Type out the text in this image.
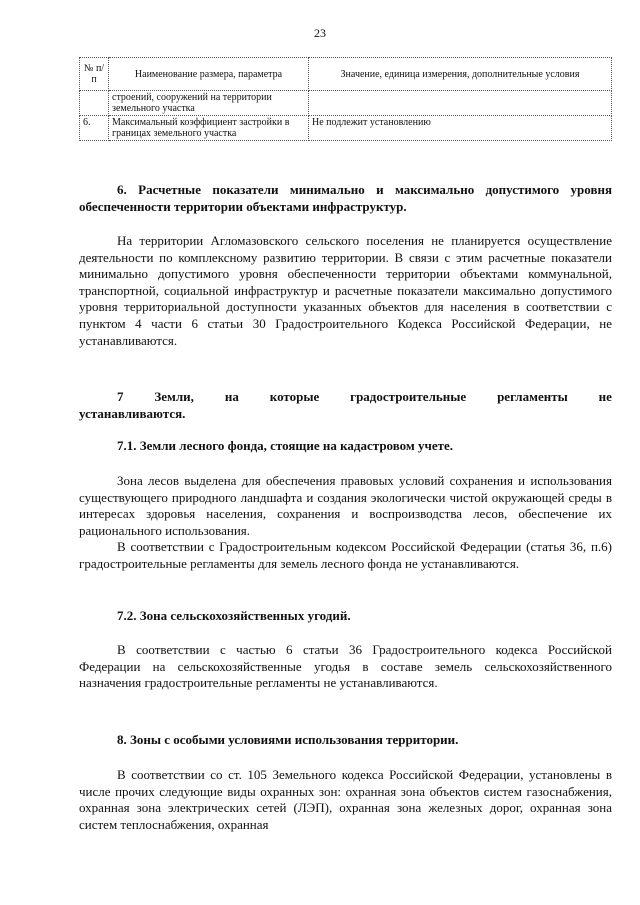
23
№ п/п	Наименование размера, параметра	Значение, единица измерения, дополнительные условия
	строений, сооружений на территории земельного участка	
6.	Максимальный коэффициент застройки в границах земельного участка	Не подлежит установлению

6. Расчетные показатели минимально и максимально допустимого уровня обеспеченности территории объектами инфраструктур.

На территории Агломазовского сельского поселения не планируется осуществление деятельности по комплексному развитию территории. В связи с этим расчетные показатели минимально допустимого уровня обеспеченности территории объектами коммунальной, транспортной, социальной инфраструктур и расчетные показатели максимально допустимого уровня территориальной доступности указанных объектов для населения в соответствии с пунктом 4 части 6 статьи 30 Градостроительного Кодекса Российской Федерации, не устанавливаются.

7 Земли, на которые градостроительные регламенты не
устанавливаются.

7.1. Земли лесного фонда, стоящие на кадастровом учете.

Зона лесов выделена для обеспечения правовых условий сохранения и использования существующего природного ландшафта и создания экологически чистой окружающей среды в интересах здоровья населения, сохранения и воспроизводства лесов, обеспечение их рационального использования.

В соответствии с Градостроительным кодексом Российской Федерации (статья 36, п.6) градостроительные регламенты для земель лесного фонда не устанавливаются.

7.2. Зона сельскохозяйственных угодий.

В соответствии с частью 6 статьи 36 Градостроительного кодекса Российской Федерации на сельскохозяйственные угодья в составе земель сельскохозяйственного назначения градостроительные регламенты не устанавливаются.

8. Зоны с особыми условиями использования территории.

В соответствии со ст. 105 Земельного кодекса Российской Федерации, установлены в числе прочих следующие виды охранных зон: охранная зона объектов систем газоснабжения, охранная зона электрических сетей (ЛЭП), охранная зона железных дорог, охранная зона систем теплоснабжения, охранная
